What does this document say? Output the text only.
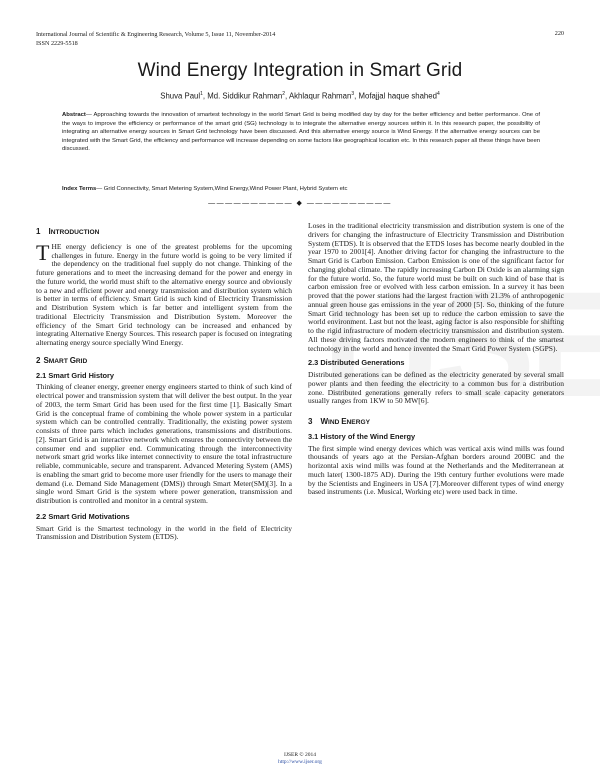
International Journal of Scientific & Engineering Research, Volume 5, Issue 11, November-2014
ISSN 2229-5518
220
Wind Energy Integration in Smart Grid
Shuva Paul$^1$, Md. Siddikur Rahman$^2$, Akhlaqur Rahman$^3$, Mofajjal haque shahed$^4$
Abstract— Approaching towards the innovation of smartest technology in the world Smart Grid is being modified day by day for the better efficiency and better performance. One of the ways to improve the efficiency or performance of the smart grid (SG) technology is to integrate the alternative energy sources within it. In this research paper, the possibility of integrating an alternative energy sources in Smart Grid technology have been discussed. And this alternative energy source is Wind Energy. If the alternative energy sources can be integrated with the Smart Grid, the efficiency and performance will increase depending on some factors like geographical location etc. In this research paper all these things have been discussed.
Index Terms— Grid Connectivity, Smart Metering System,Wind Energy,Wind Power Plant, Hybrid System etc
—————————— ◆ ——————————
1 INTRODUCTION

THE energy deficiency is one of the greatest problems for the upcoming challenges in future. Energy in the future world is going to be very limited if the dependency on the traditional fuel supply do not change. Thinking of the future generations and to meet the increasing demand for the power and energy in the future world, the world must shift to the alternative energy source and obviously to a new and efficient power and energy transmission and distribution system which is better in terms of efficiency. Smart Grid is such kind of Electricity Transmission and Distribution System which is far better and intelligent system from the traditional Electricity Transmission and Distribution System. Moreover the efficiency of the Smart Grid technology can be increased and enhanced by integrating Alternative Energy Sources. This research paper is focused on integrating alternating energy source specially Wind Energy.

2 SMART GRID
2.1 Smart Grid History

Thinking of cleaner energy, greener energy engineers started to think of such kind of electrical power and transmission system that will deliver the best output. In the year of 2003, the term Smart Grid has been used for the first time [1]. Basically Smart Grid is the conceptual frame of combining the whole power system in a particular system which can be controlled centrally. Traditionally, the existing power system consists of three parts which includes generations, transmissions and distributions. [2]. Smart Grid is an interactive network which ensures the connectivity between the consumer end and supplier end. Communicating through the interconnectivity network smart grid works like internet connectivity to ensure the total infrastructure reliable, communicable, secure and transparent. Advanced Metering System (AMS) is enabling the smart grid to become more user friendly for the users to manage their demand (i.e. Demand Side Management (DMS)) through Smart Meter(SM)[3]. In a single word Smart Grid is the system where power generation, transmission and distribution is controlled and monitor in a central system.

2.2 Smart Grid Motivations

Smart Grid is the Smartest technology in the world in the field of Electricity Transmission and Distribution System (ETDS).

Loses in the traditional electricity transmission and distribution system is one of the drivers for changing the infrastructure of Electricity Transmission and Distribution System (ETDS). It is observed that the ETDS loses has become nearly doubled in the year 1970 to 2001[4]. Another driving factor for changing the infrastructure to the Smart Grid is Carbon Emission. Carbon Emission is one of the significant factor for changing global climate. The rapidly increasing Carbon Di Oxide is an alarming sign for the future world. So, the future world must be built on such kind of base that is carbon emission free or evolved with less carbon emission. In a survey it has been proved that the power stations had the largest fraction with 21.3% of anthropogenic annual green house gas emissions in the year of 2000 [5]. So, thinking of the future Smart Grid technology has been set up to reduce the carbon emission to save the world environment. Last but not the least, aging factor is also responsible for shifting to the rigid infrastructure of modern electricity transmission and distribution system. All these driving factors motivated the modern engineers to think of the smartest technology in the world and hence invented the Smart Grid Power System (SGPS).

2.3 Distributed Generations

Distributed generations can be defined as the electricity generated by several small power plants and then feeding the electricity to a common bus for a distribution zone. Distributed generations generally refers to small scale capacity generators usually ranges from 1KW to 50 MW[6].

3 WIND ENERGY
3.1 History of the Wind Energy

The first simple wind energy devices which was vertical axis wind mills was found thousands of years ago at the Persian-Afghan borders around 200BC and the horizontal axis wind mills was found at the Netherlands and the Mediterranean at much later( 1300-1875 AD). During the 19th century further evolutions were made by the Scientists and Engineers in USA [7].Moreover different types of wind energy based instruments (i.e. Musical, Working etc) were used back in time.

IJSER © 2014
http://www.ijser.org
